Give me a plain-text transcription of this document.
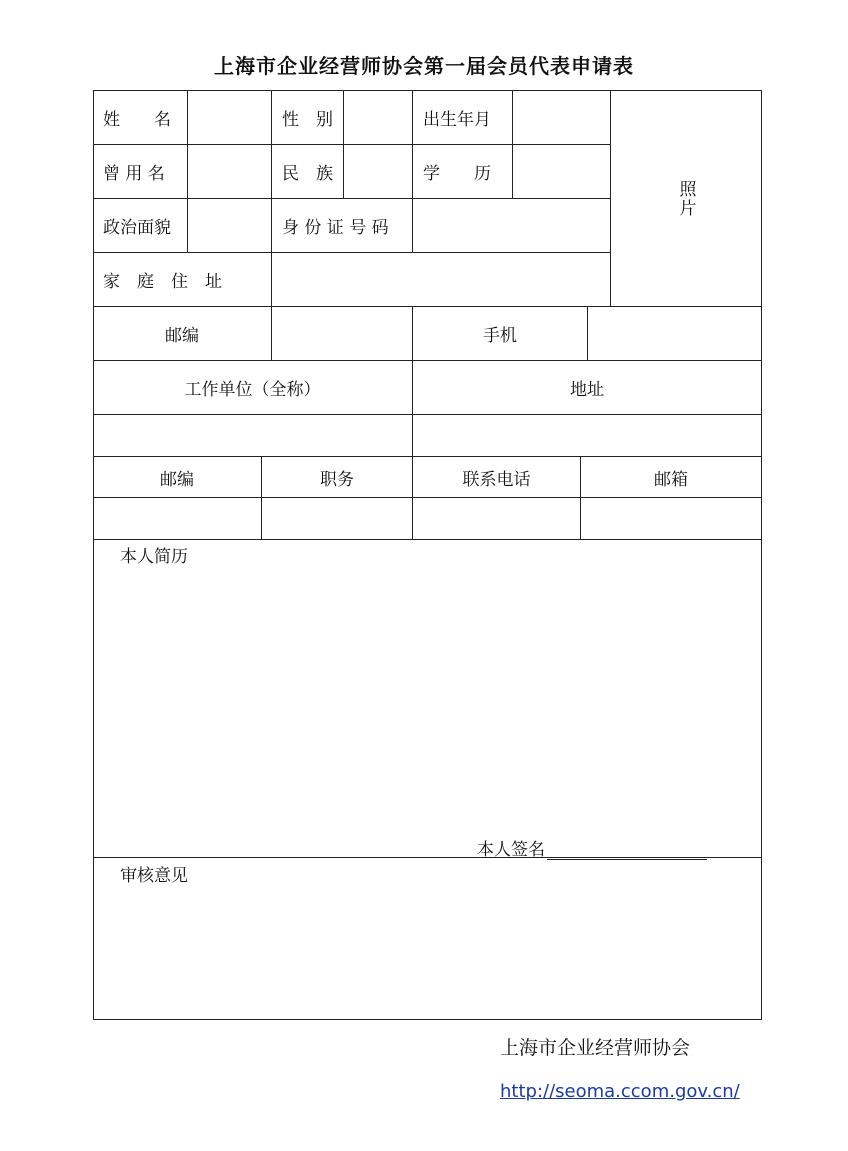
上海市企业经营师协会第一届会员代表申请表
姓　　名	性　别	出生年月
曾 用 名	民　族	学　　历
政治面貌	身 份 证 号 码
家　庭　住　址
照片
邮编	手机
工作单位（全称）	地址
邮编	职务	联系电话	邮箱
本人简历
本人签名
审核意见
上海市企业经营师协会
http://seoma.ccom.gov.cn/
